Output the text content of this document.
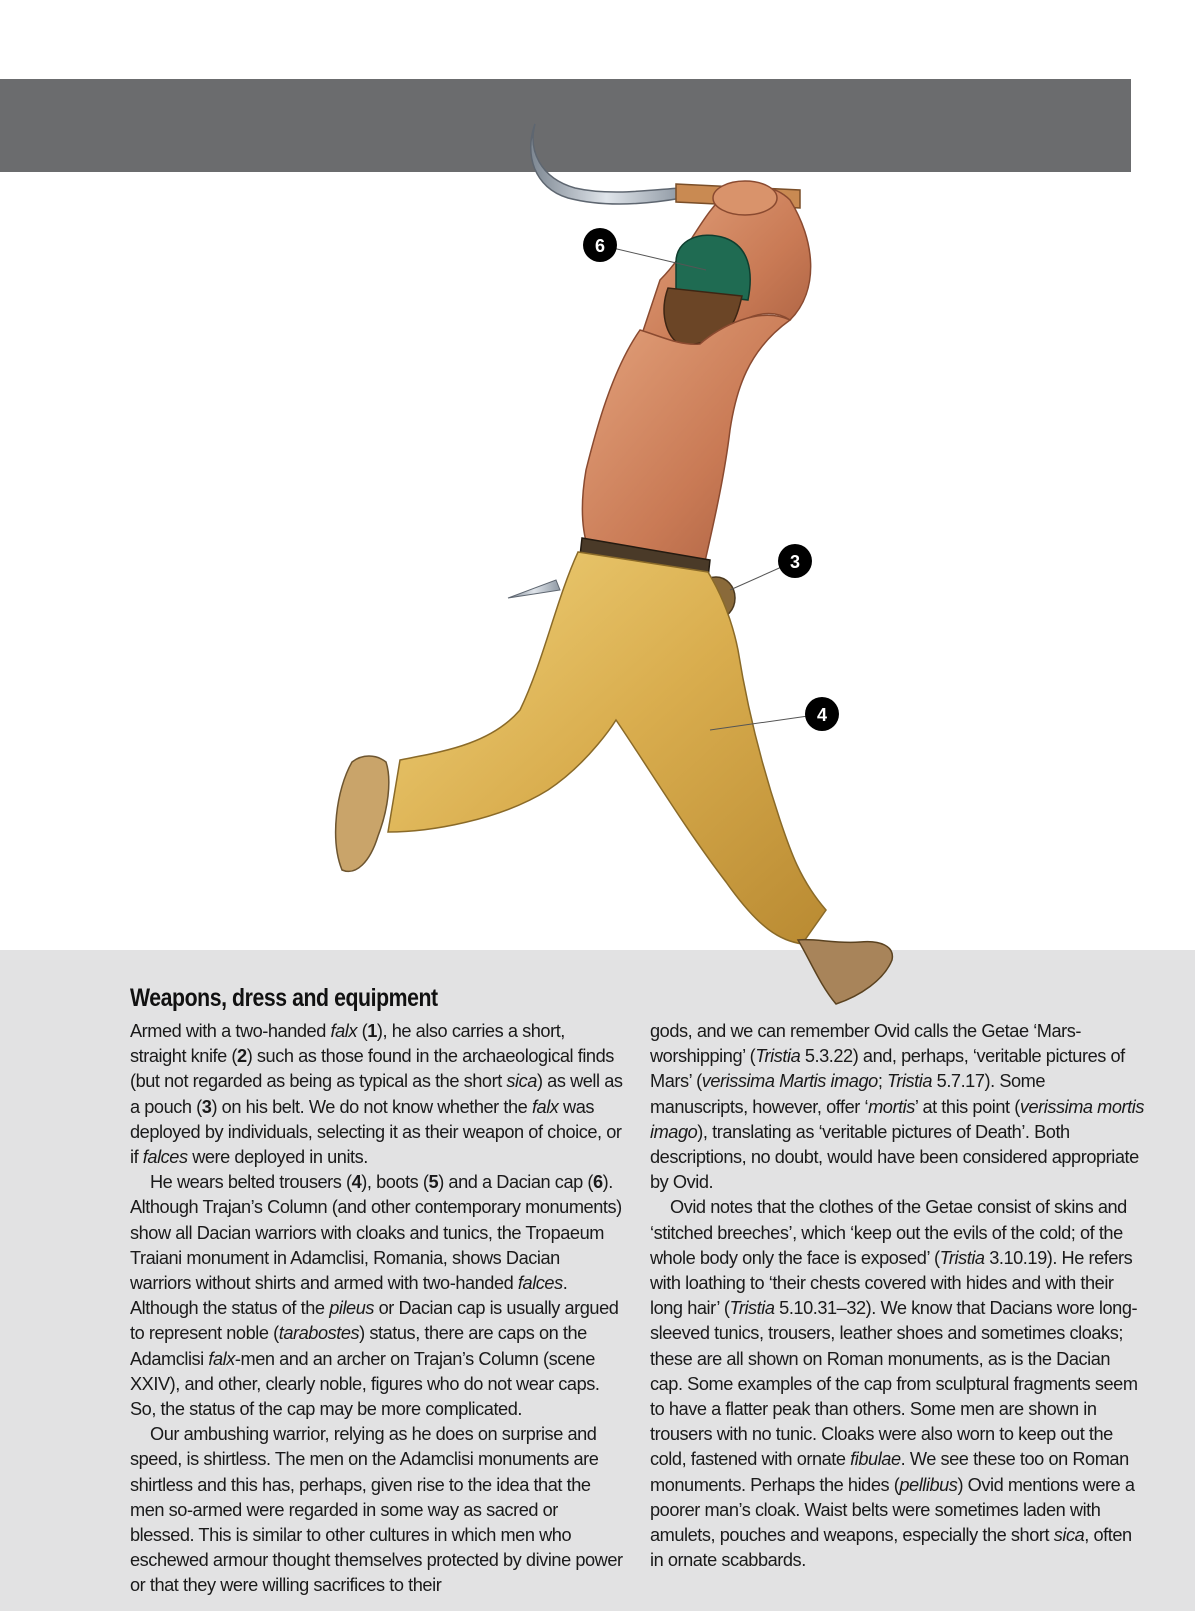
6
3
4
Weapons, dress and equipment

Armed with a two-handed falx (1), he also carries a short, straight knife (2) such as those found in the archaeological finds (but not regarded as being as typical as the short sica) as well as a pouch (3) on his belt. We do not know whether the falx was deployed by individuals, selecting it as their weapon of choice, or if falces were deployed in units.

He wears belted trousers (4), boots (5) and a Dacian cap (6). Although Trajan’s Column (and other contemporary monuments) show all Dacian warriors with cloaks and tunics, the Tropaeum Traiani monument in Adamclisi, Romania, shows Dacian warriors without shirts and armed with two-handed falces. Although the status of the pileus or Dacian cap is usually argued to represent noble (tarabostes) status, there are caps on the Adamclisi falx-men and an archer on Trajan’s Column (scene XXIV), and other, clearly noble, figures who do not wear caps. So, the status of the cap may be more complicated.

Our ambushing warrior, relying as he does on surprise and speed, is shirtless. The men on the Adamclisi monuments are shirtless and this has, perhaps, given rise to the idea that the men so-armed were regarded in some way as sacred or blessed. This is similar to other cultures in which men who eschewed armour thought themselves protected by divine power or that they were willing sacrifices to their

gods, and we can remember Ovid calls the Getae ‘Mars-worshipping’ (Tristia 5.3.22) and, perhaps, ‘veritable pictures of Mars’ (verissima Martis imago; Tristia 5.7.17). Some manuscripts, however, offer ‘mortis’ at this point (verissima mortis imago), translating as ‘veritable pictures of Death’. Both descriptions, no doubt, would have been considered appropriate by Ovid.

Ovid notes that the clothes of the Getae consist of skins and ‘stitched breeches’, which ‘keep out the evils of the cold; of the whole body only the face is exposed’ (Tristia 3.10.19). He refers with loathing to ‘their chests covered with hides and with their long hair’ (Tristia 5.10.31–32). We know that Dacians wore long-sleeved tunics, trousers, leather shoes and sometimes cloaks; these are all shown on Roman monuments, as is the Dacian cap. Some examples of the cap from sculptural fragments seem to have a flatter peak than others. Some men are shown in trousers with no tunic. Cloaks were also worn to keep out the cold, fastened with ornate fibulae. We see these too on Roman monuments. Perhaps the hides (pellibus) Ovid mentions were a poorer man’s cloak. Waist belts were sometimes laden with amulets, pouches and weapons, especially the short sica, often in ornate scabbards.
